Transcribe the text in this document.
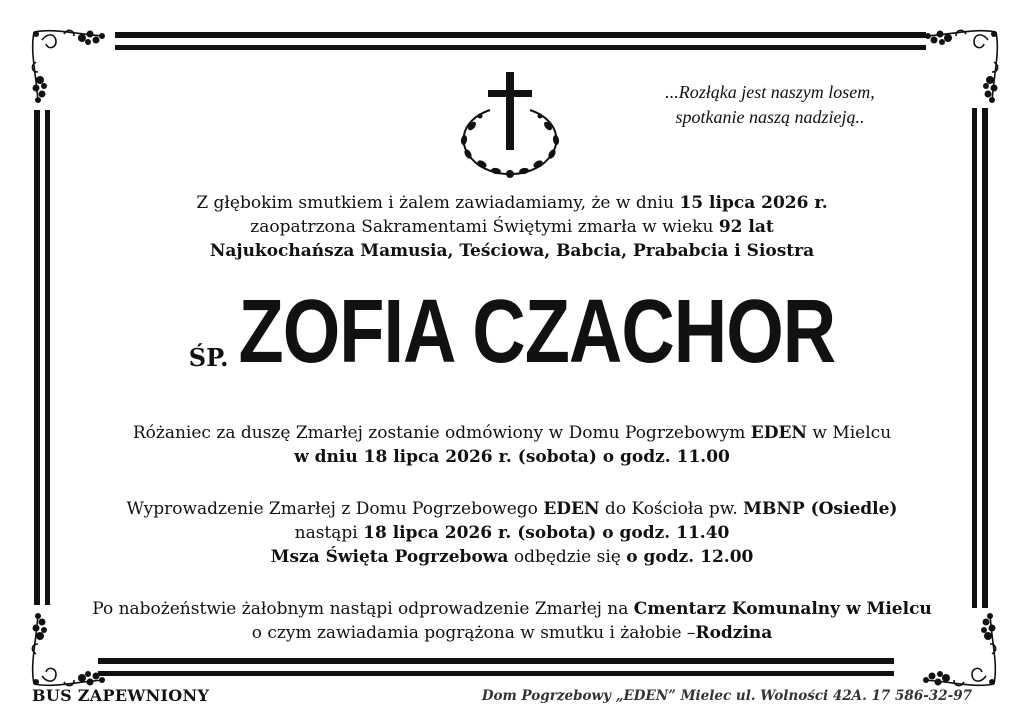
...Rozłąka jest naszym losem,
spotkanie naszą nadzieją..
Z głębokim smutkiem i żalem zawiadamiamy, że w dniu 15 lipca 2026 r.
zaopatrzona Sakramentami Świętymi zmarła w wieku 92 lat
Najukochańsza Mamusia, Teściowa, Babcia, Prababcia i Siostra
ŚP. ZOFIA CZACHOR
Różaniec za duszę Zmarłej zostanie odmówiony w Domu Pogrzebowym EDEN w Mielcu
w dniu 18 lipca 2026 r. (sobota) o godz. 11.00
Wyprowadzenie Zmarłej z Domu Pogrzebowego EDEN do Kościoła pw. MBNP (Osiedle)
nastąpi 18 lipca 2026 r. (sobota) o godz. 11.40
Msza Święta Pogrzebowa odbędzie się o godz. 12.00
Po nabożeństwie żałobnym nastąpi odprowadzenie Zmarłej na Cmentarz Komunalny w Mielcu
o czym zawiadamia pogrążona w smutku i żałobie –Rodzina
BUS ZAPEWNIONY	Dom Pogrzebowy „EDEN” Mielec ul. Wolności 42A. 17 586-32-97
